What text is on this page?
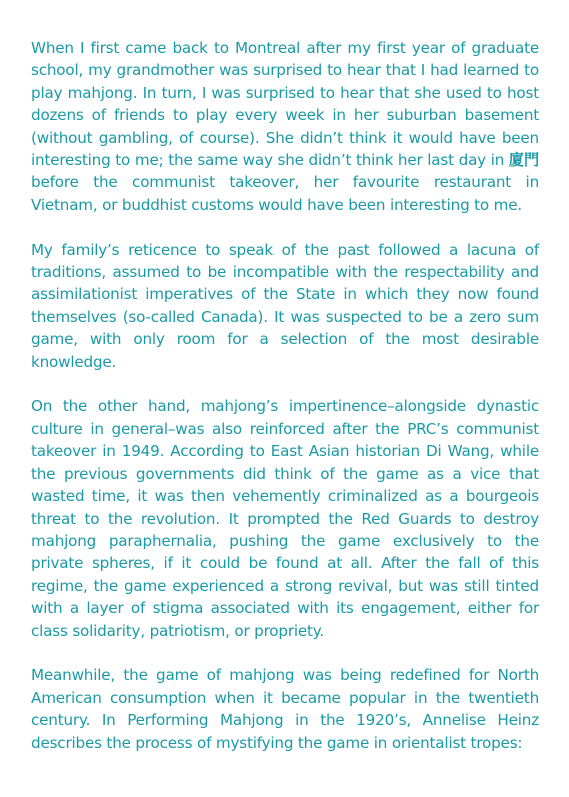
When I first came back to Montreal after my first year of graduate school, my grandmother was surprised to hear that I had learned to play mahjong. In turn, I was surprised to hear that she used to host dozens of friends to play every week in her suburban basement (without gambling, of course). She didn’t think it would have been interesting to me; the same way she didn’t think her last day in 廈門 before the communist takeover, her favourite restaurant in Vietnam, or buddhist customs would have been interesting to me.

My family’s reticence to speak of the past followed a lacuna of traditions, assumed to be incompatible with the respectability and assimilationist imperatives of the State in which they now found themselves (so-called Canada). It was suspected to be a zero sum game, with only room for a selection of the most desirable knowledge.

On the other hand, mahjong’s impertinence–alongside dynastic culture in general–was also reinforced after the PRC’s communist takeover in 1949. According to East Asian historian Di Wang, while the previous governments did think of the game as a vice that wasted time, it was then vehemently criminalized as a bourgeois threat to the revolution. It prompted the Red Guards to destroy mahjong paraphernalia, pushing the game exclusively to the private spheres, if it could be found at all. After the fall of this regime, the game experienced a strong revival, but was still tinted with a layer of stigma associated with its engagement, either for class solidarity, patriotism, or propriety.

Meanwhile, the game of mahjong was being redefined for North American consumption when it became popular in the twentieth century. In Performing Mahjong in the 1920’s, Annelise Heinz describes the process of mystifying the game in orientalist tropes:
